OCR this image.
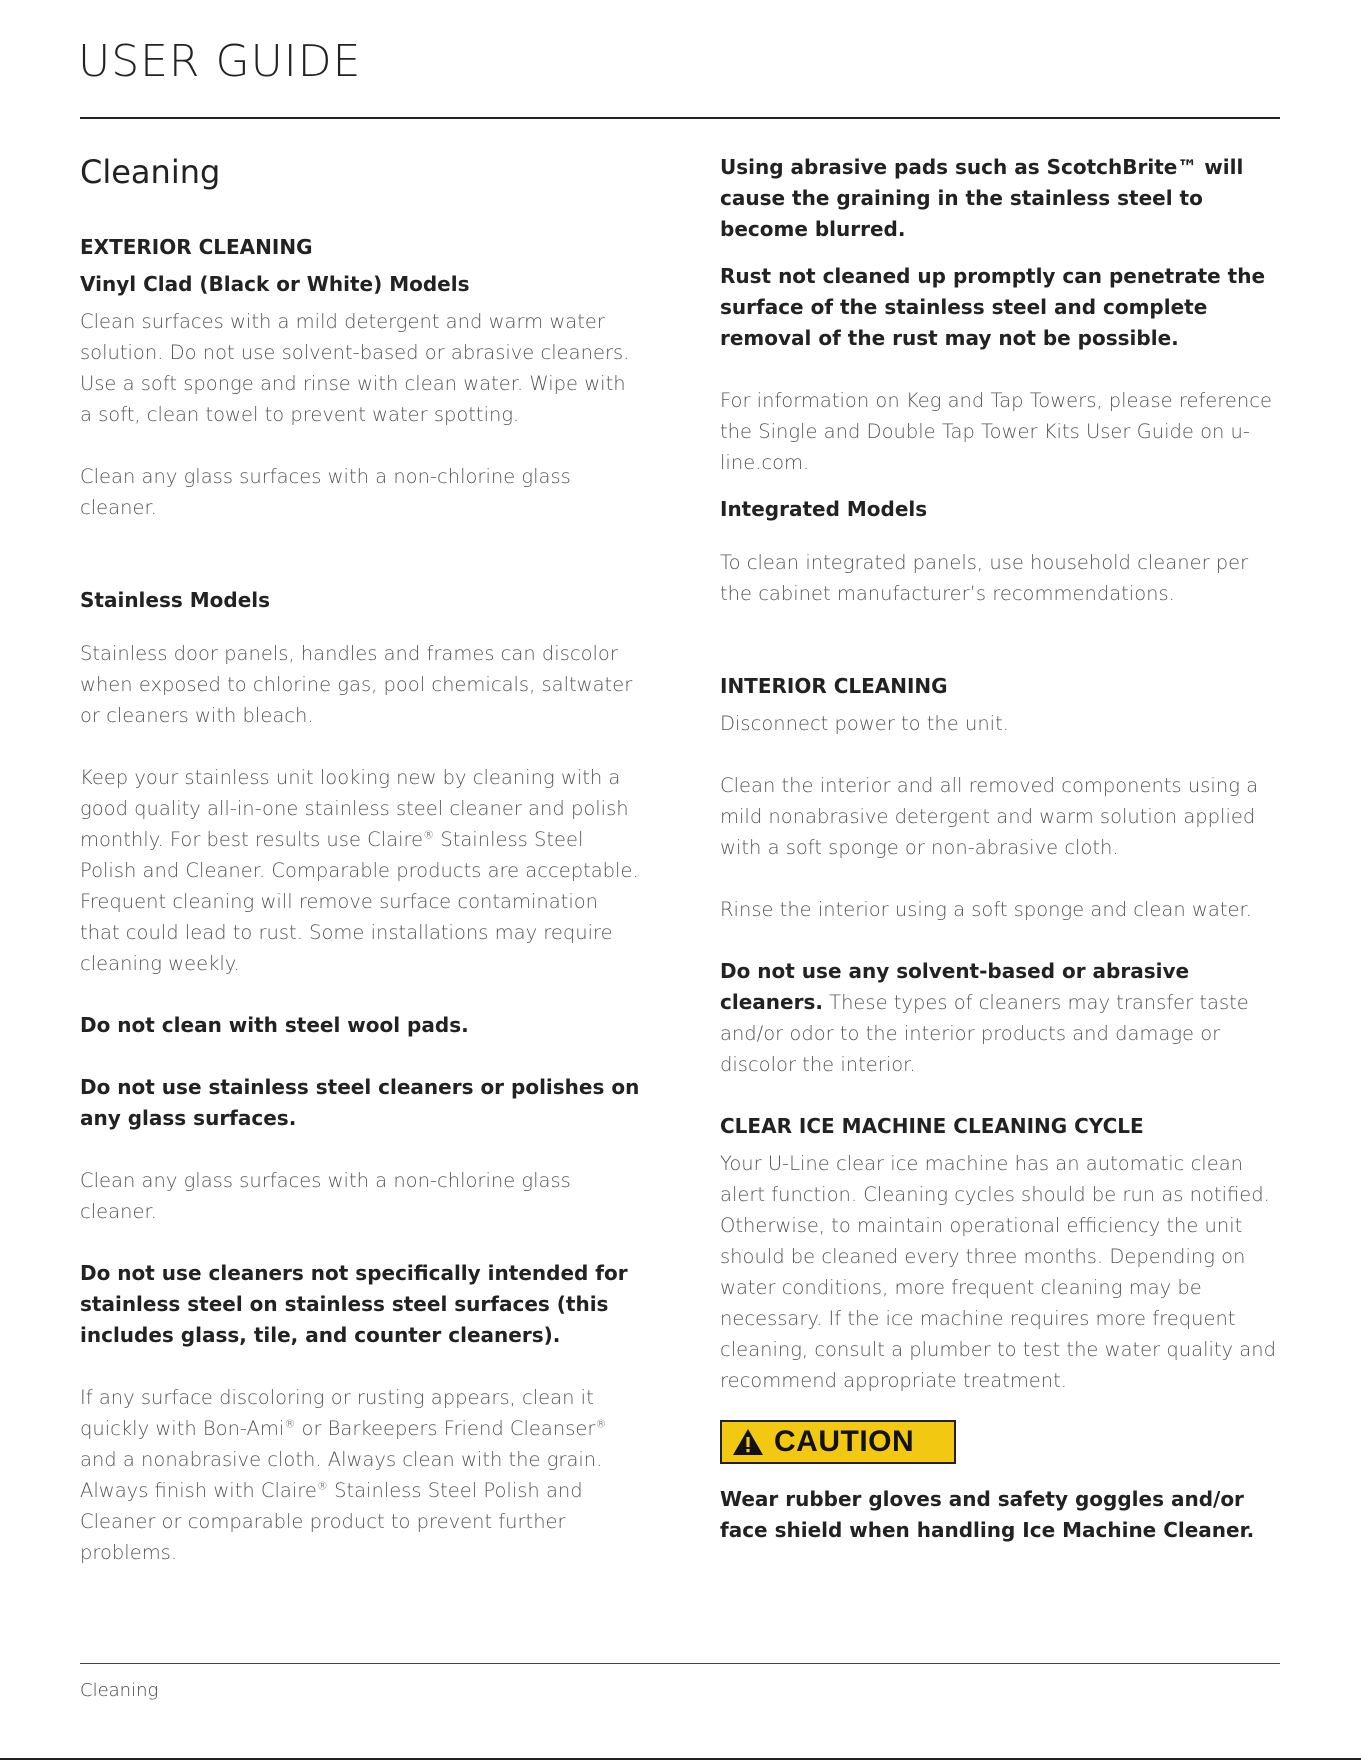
USER GUIDE
Cleaning
EXTERIOR CLEANING
Vinyl Clad (Black or White) Models

Clean surfaces with a mild detergent and warm water solution. Do not use solvent-based or abrasive cleaners. Use a soft sponge and rinse with clean water. Wipe with a soft, clean towel to prevent water spotting.

Clean any glass surfaces with a non-chlorine glass cleaner.

Stainless Models

Stainless door panels, handles and frames can discolor when exposed to chlorine gas, pool chemicals, saltwater or cleaners with bleach.

Keep your stainless unit looking new by cleaning with a good quality all-in-one stainless steel cleaner and polish monthly. For best results use Claire® Stainless Steel Polish and Cleaner. Comparable products are acceptable. Frequent cleaning will remove surface contamination that could lead to rust. Some installations may require cleaning weekly.

Do not clean with steel wool pads.

Do not use stainless steel cleaners or polishes on any glass surfaces.

Clean any glass surfaces with a non-chlorine glass cleaner.

Do not use cleaners not specifically intended for stainless steel on stainless steel surfaces (this includes glass, tile, and counter cleaners).

If any surface discoloring or rusting appears, clean it quickly with Bon-Ami® or Barkeepers Friend Cleanser® and a nonabrasive cloth. Always clean with the grain. Always finish with Claire® Stainless Steel Polish and Cleaner or comparable product to prevent further problems.

Using abrasive pads such as ScotchBrite™ will cause the graining in the stainless steel to become blurred.

Rust not cleaned up promptly can penetrate the surface of the stainless steel and complete removal of the rust may not be possible.

For information on Keg and Tap Towers, please reference the Single and Double Tap Tower Kits User Guide on u-line.com.

Integrated Models

To clean integrated panels, use household cleaner per the cabinet manufacturer’s recommendations.

INTERIOR CLEANING

Disconnect power to the unit.

Clean the interior and all removed components using a mild nonabrasive detergent and warm solution applied with a soft sponge or non-abrasive cloth.

Rinse the interior using a soft sponge and clean water.

Do not use any solvent-based or abrasive cleaners. These types of cleaners may transfer taste and/or odor to the interior products and damage or discolor the interior.

CLEAR ICE MACHINE CLEANING CYCLE

Your U-Line clear ice machine has an automatic clean alert function. Cleaning cycles should be run as notified. Otherwise, to maintain operational efficiency the unit should be cleaned every three months. Depending on water conditions, more frequent cleaning may be necessary. If the ice machine requires more frequent cleaning, consult a plumber to test the water quality and recommend appropriate treatment.

CAUTION

Wear rubber gloves and safety goggles and/or face shield when handling Ice Machine Cleaner.

Cleaning
